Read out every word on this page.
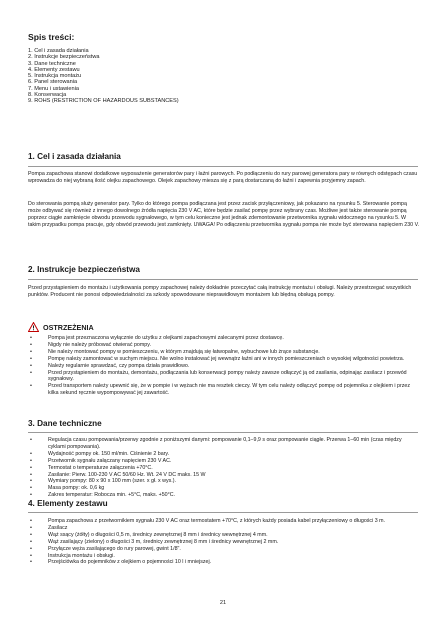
Spis treści:
1. Cel i zasada działania
2. Instrukcje bezpieczeństwa
3. Dane techniczne
4. Elementy zestawu
5. Instrukcja montażu
6. Panel sterowania
7. Menu i ustawienia
8. Konserwacja
9. ROHS (RESTRICTION OF HAZARDOUS SUBSTANCES)
1. Cel i zasada działania

Pompa zapachowa stanowi dodatkowe wyposażenie generatorów pary i łaźni parowych. Po podłączeniu do rury parowej generatora pary w równych odstępach czasu wprowadza do niej wybraną ilość olejku zapachowego. Olejek zapachowy miesza się z parą dostarczaną do łaźni i zapewnia przyjemny zapach.

Do sterowania pompą służy generator pary. Tylko do którego pompa podłączana jest przez zacisk przyłączeniowy, jak pokazano na rysunku 5. Sterowanie pompą może odbywać się również z innego dowolnego źródła napięcia 230 V AC, które będzie zasilać pompę przez wybrany czas. Możliwe jest także sterowanie pompą poprzez ciągłe zamknięcie obwodu przewodu sygnałowego, w tym celu konieczne jest jednak zdemontowanie przetwornika sygnału widocznego na rysunku 5. W takim przypadku pompa pracuje, gdy obwód przewodu jest zamknięty. UWAGA! Po odłączeniu przetwornika sygnału pompa nie może być sterowana napięciem 230 V.

2. Instrukcje bezpieczeństwa

Przed przystąpieniem do montażu i użytkowania pompy zapachowej należy dokładnie przeczytać całą instrukcję montażu i obsługi. Należy przestrzegać wszystkich punktów. Producent nie ponosi odpowiedzialności za szkody spowodowane nieprawidłowym montażem lub błędną obsługą pompy.

OSTRZEŻENIA
•	Pompa jest przeznaczona wyłącznie do użytku z olejkami zapachowymi zalecanymi przez dostawcę.
•	Nigdy nie należy próbować otwierać pompy.
•	Nie należy montować pompy w pomieszczeniu, w którym znajdują się łatwopalne, wybuchowe lub żrące substancje.
•	Pompę należy zamontować w suchym miejscu. Nie wolno instalować jej wewnątrz łaźni ani w innych pomieszczeniach o wysokiej wilgotności powietrza.
•	Należy regularnie sprawdzać, czy pompa działa prawidłowo.
•	Przed przystąpieniem do montażu, demontażu, podłączania lub konserwacji pompy należy zawsze odłączyć ją od zasilania, odpinając zasilacz i przewód sygnałowy.
•	Przed transportem należy upewnić się, że w pompie i w wężach nie ma resztek cieczy. W tym celu należy odłączyć pompę od pojemnika z olejkiem i przez kilka sekund ręcznie wypompowywać jej zawartość.
3. Dane techniczne
•	Regulacja czasu pompowania/przerwy zgodnie z poniższymi danymi: pompowanie 0,1–9,9 s oraz pompowanie ciągłe. Przerwa 1–60 min (czas między cyklami pompowania).
•	Wydajność pompy ok. 150 ml/min. Ciśnienie 2 bary.
•	Przetwornik sygnału załączany napięciem 230 V AC.
•	Termostat o temperaturze załączenia +70°C.
•	Zasilanie: Pierw. 100-230 V AC 50/60 Hz. Wt. 24 V DC maks. 15 W
•	Wymiary pompy: 80 x 90 x 100 mm (szer. x gł. x wys.).
•	Masa pompy: ok. 0,6 kg
•	Zakres temperatur: Robocza min. +5°C, maks. +50°C.
4. Elementy zestawu
•	Pompa zapachowa z przetwornikiem sygnału 230 V AC oraz termostatem +70°C, z których każdy posiada kabel przyłączeniowy o długości 3 m.
•	Zasilacz
•	Wąż ssący (żółty) o długości 0,5 m, średnicy zewnętrznej 8 mm i średnicy wewnętrznej 4 mm.
•	Wąż zasilający (zielony) o długości 3 m, średnicy zewnętrznej 8 mm i średnicy wewnętrznej 2 mm.
•	Przyłącze węża zasilającego do rury parowej, gwint 1/8".
•	Instrukcja montażu i obsługi.
•	Przejściówka do pojemników z olejkiem o pojemności 10 l i mniejszej.
21
